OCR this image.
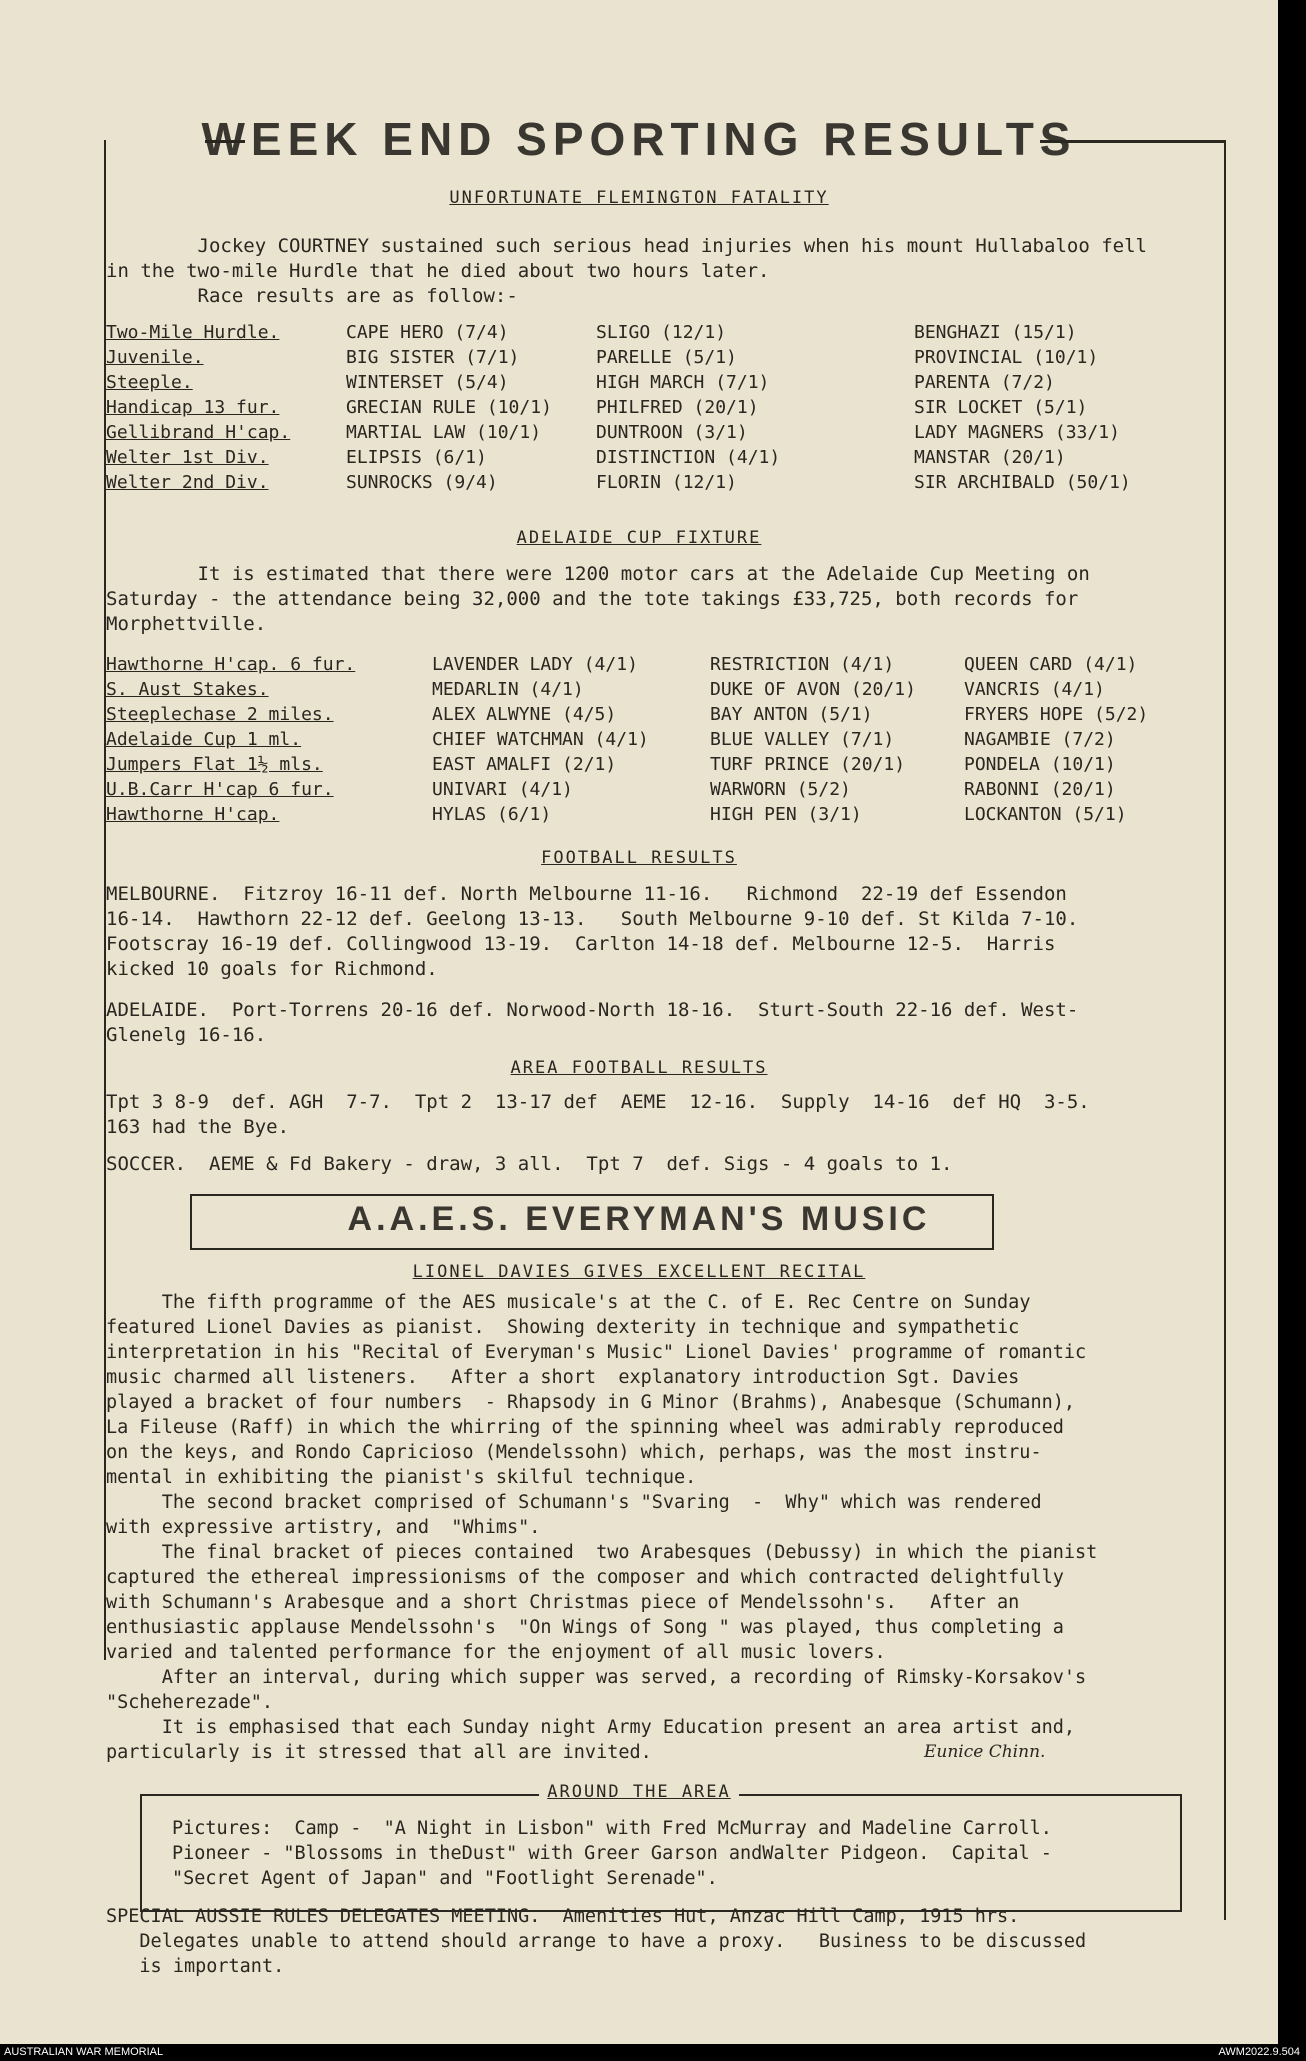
WEEK END SPORTING RESULTS
UNFORTUNATE FLEMINGTON FATALITY
Jockey COURTNEY sustained such serious head injuries when his mount Hullabaloo fell
in the two-mile Hurdle that he died about two hours later.
Race results are as follow:-
Two-Mile Hurdle.	CAPE HERO (7/4)	SLIGO (12/1)	BENGHAZI (15/1)
Juvenile.	BIG SISTER (7/1)	PARELLE (5/1)	PROVINCIAL (10/1)
Steeple.	WINTERSET (5/4)	HIGH MARCH (7/1)	PARENTA (7/2)
Handicap 13 fur.	GRECIAN RULE (10/1) PHILFRED (20/1)	SIR LOCKET (5/1)
Gellibrand H'cap.	MARTIAL LAW (10/1)	DUNTROON (3/1)	LADY MAGNERS (33/1)
Welter 1st Div.	ELIPSIS (6/1)	DISTINCTION (4/1)	MANSTAR (20/1)
Welter 2nd Div.	SUNROCKS (9/4)	FLORIN (12/1)	SIR ARCHIBALD (50/1)
ADELAIDE CUP FIXTURE
It is estimated that there were 1200 motor cars at the Adelaide Cup Meeting on
Saturday - the attendance being 32,000 and the tote takings £33,725, both records for
Morphettville.
Hawthorne H'cap. 6 fur.	LAVENDER LADY (4/1)	RESTRICTION (4/1)	QUEEN CARD (4/1)
S. Aust Stakes.	MEDARLIN (4/1)	DUKE OF AVON (20/1)	VANCRIS (4/1)
Steeplechase 2 miles.	ALEX ALWYNE (4/5)	BAY ANTON (5/1)	FRYERS HOPE (5/2)
Adelaide Cup 1 ml.	CHIEF WATCHMAN (4/1)	BLUE VALLEY (7/1)	NAGAMBIE (7/2)
Jumpers Flat 1½ mls.	EAST AMALFI (2/1)	TURF PRINCE (20/1)	PONDELA (10/1)
U.B.Carr H'cap 6 fur.	UNIVARI (4/1)	WARWORN (5/2)	RABONNI (20/1)
Hawthorne H'cap.	HYLAS (6/1)	HIGH PEN (3/1)	LOCKANTON (5/1)
FOOTBALL RESULTS
MELBOURNE.  Fitzroy 16-11 def. North Melbourne 11-16.   Richmond  22-19 def Essendon
16-14.  Hawthorn 22-12 def. Geelong 13-13.   South Melbourne 9-10 def. St Kilda 7-10.
Footscray 16-19 def. Collingwood 13-19.  Carlton 14-18 def. Melbourne 12-5.  Harris
kicked 10 goals for Richmond.
ADELAIDE.  Port-Torrens 20-16 def. Norwood-North 18-16.  Sturt-South 22-16 def. West-
Glenelg 16-16.
AREA FOOTBALL RESULTS
Tpt 3 8-9  def. AGH  7-7.  Tpt 2  13-17 def  AEME  12-16.  Supply  14-16  def HQ  3-5.
163 had the Bye.
SOCCER.  AEME & Fd Bakery - draw, 3 all.  Tpt 7  def. Sigs - 4 goals to 1.
A.A.E.S. EVERYMAN'S MUSIC
LIONEL DAVIES GIVES EXCELLENT RECITAL
The fifth programme of the AES musicale's at the C. of E. Rec Centre on Sunday
featured Lionel Davies as pianist.  Showing dexterity in technique and sympathetic
interpretation in his "Recital of Everyman's Music" Lionel Davies' programme of romantic
music charmed all listeners.   After a short  explanatory introduction Sgt. Davies
played a bracket of four numbers  - Rhapsody in G Minor (Brahms), Anabesque (Schumann),
La Fileuse (Raff) in which the whirring of the spinning wheel was admirably reproduced
on the keys, and Rondo Capricioso (Mendelssohn) which, perhaps, was the most instru-
mental in exhibiting the pianist's skilful technique.
The second bracket comprised of Schumann's "Svaring  -  Why" which was rendered
with expressive artistry, and  "Whims".
The final bracket of pieces contained  two Arabesques (Debussy) in which the pianist
captured the ethereal impressionisms of the composer and which contracted delightfully
with Schumann's Arabesque and a short Christmas piece of Mendelssohn's.   After an
enthusiastic applause Mendelssohn's  "On Wings of Song " was played, thus completing a
varied and talented performance for the enjoyment of all music lovers.
After an interval, during which supper was served, a recording of Rimsky-Korsakov's
"Scheherezade".
It is emphasised that each Sunday night Army Education present an area artist and,
particularly is it stressed that all are invited.	Eunice Chinn.
AROUND THE AREA
Pictures:  Camp -  "A Night in Lisbon" with Fred McMurray and Madeline Carroll.
Pioneer - "Blossoms in theDust" with Greer Garson andWalter Pidgeon.  Capital -
"Secret Agent of Japan" and "Footlight Serenade".
SPECIAL AUSSIE RULES DELEGATES MEETING.  Amenities Hut, Anzac Hill Camp, 1915 hrs.
Delegates unable to attend should arrange to have a proxy.   Business to be discussed
is important.
AUSTRALIAN WAR MEMORIAL	AWM2022.9.504
